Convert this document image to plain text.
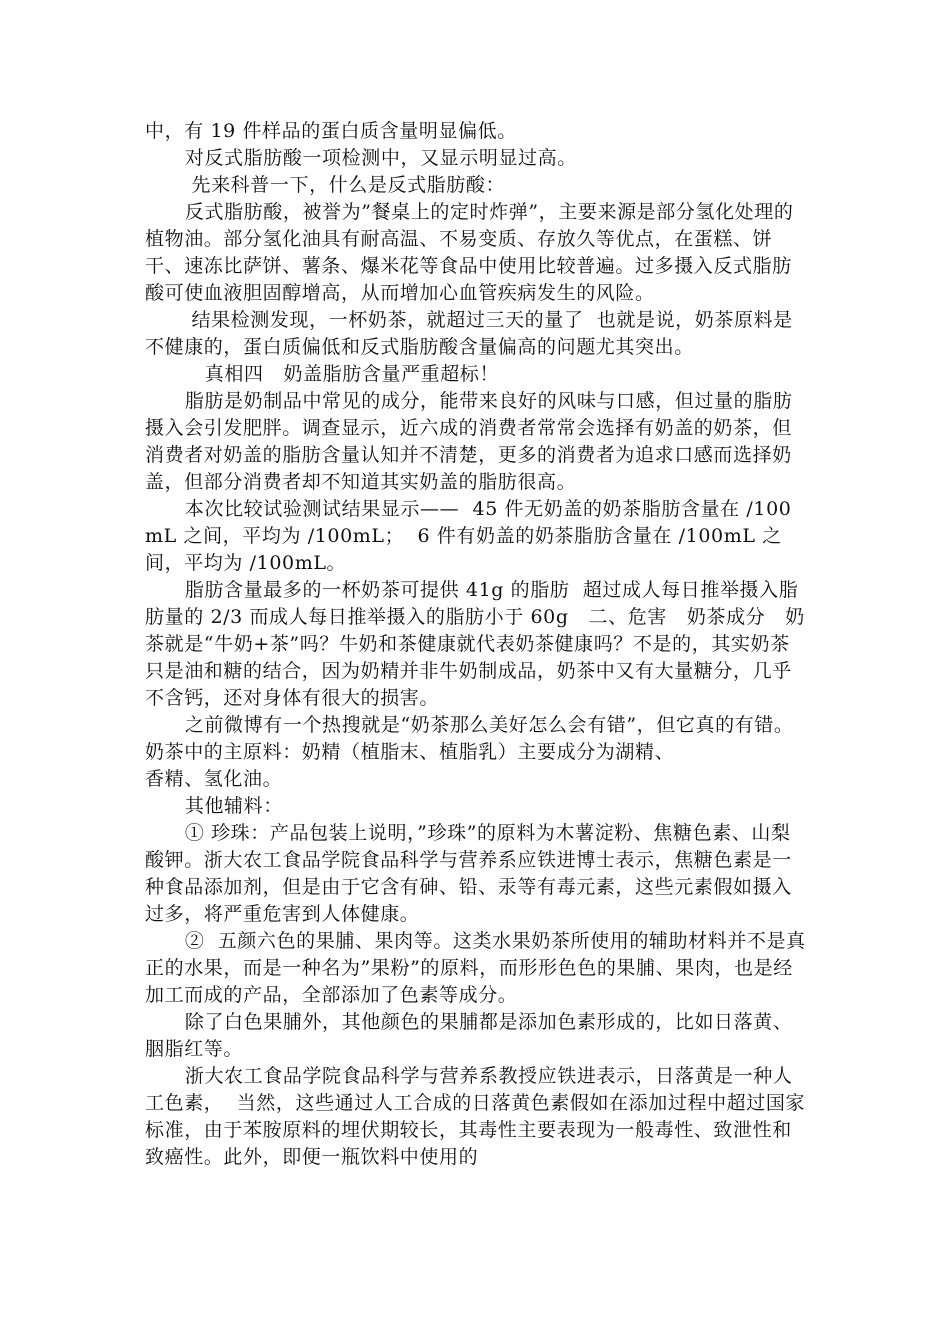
中，有 19 件样品的蛋白质含量明显偏低。

对反式脂肪酸一项检测中，又显示明显过高。

先来科普一下，什么是反式脂肪酸：

反式脂肪酸，被誉为”餐桌上的定时炸弹”，主要来源是部分氢化处理的植物油。部分氢化油具有耐高温、不易变质、存放久等优点，在蛋糕、饼干、速冻比萨饼、薯条、爆米花等食品中使用比较普遍。过多摄入反式脂肪酸可使血液胆固醇增高，从而增加心血管疾病发生的风险。

结果检测发现，一杯奶茶，就超过三天的量了  也就是说，奶茶原料是不健康的，蛋白质偏低和反式脂肪酸含量偏高的问题尤其突出。

真相四   奶盖脂肪含量严重超标！

脂肪是奶制品中常见的成分，能带来良好的风味与口感，但过量的脂肪摄入会引发肥胖。调查显示，近六成的消费者常常会选择有奶盖的奶茶，但消费者对奶盖的脂肪含量认知并不清楚，更多的消费者为追求口感而选择奶盖，但部分消费者却不知道其实奶盖的脂肪很高。

本次比较试验测试结果显示——  45 件无奶盖的奶茶脂肪含量在 /100mL 之间，平均为 /100mL；  6 件有奶盖的奶茶脂肪含量在 /100mL 之间，平均为 /100mL。

脂肪含量最多的一杯奶茶可提供 41g 的脂肪  超过成人每日推举摄入脂肪量的 2/3 而成人每日推举摄入的脂肪小于 60g   二、危害   奶茶成分   奶茶就是“牛奶+茶”吗？牛奶和茶健康就代表奶茶健康吗？不是的，其实奶茶只是油和糖的结合，因为奶精并非牛奶制成品，奶茶中又有大量糖分，几乎不含钙，还对身体有很大的损害。

之前微博有一个热搜就是“奶茶那么美好怎么会有错”，但它真的有错。

奶茶中的主原料：奶精（植脂末、植脂乳）主要成分为湖精、

香精、氢化油。

其他辅料：

① 珍珠：产品包装上说明，”珍珠”的原料为木薯淀粉、焦糖色素、山梨酸钾。浙大农工食品学院食品科学与营养系应铁进博士表示，焦糖色素是一种食品添加剂，但是由于它含有砷、铅、汞等有毒元素，这些元素假如摄入过多，将严重危害到人体健康。

②  五颜六色的果脯、果肉等。这类水果奶茶所使用的辅助材料并不是真正的水果，而是一种名为”果粉”的原料，而形形色色的果脯、果肉，也是经加工而成的产品，全部添加了色素等成分。

除了白色果脯外，其他颜色的果脯都是添加色素形成的，比如日落黄、胭脂红等。

浙大农工食品学院食品科学与营养系教授应铁进表示，日落黄是一种人工色素，  当然，这些通过人工合成的日落黄色素假如在添加过程中超过国家标准，由于苯胺原料的埋伏期较长，其毒性主要表现为一般毒性、致泄性和致癌性。此外，即便一瓶饮料中使用的
